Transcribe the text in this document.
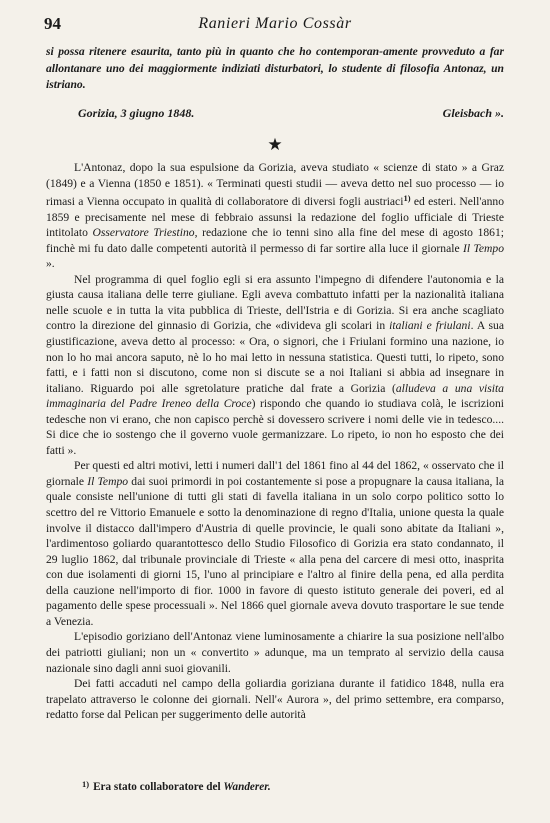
94	Ranieri Mario Cossàr
si possa ritenere esaurita, tanto più in quanto che ho contemporan-amente provveduto a far allontanare uno dei maggiormente indiziati disturbatori, lo studente di filosofia Antonaz, un istriano.
Gorizia, 3 giugno 1848.	Gleisbach ».
★

L'Antonaz, dopo la sua espulsione da Gorizia, aveva studiato « scienze di stato » a Graz (1849) e a Vienna (1850 e 1851). « Terminati questi studii — aveva detto nel suo processo — io rimasi a Vienna occupato in qualità di collaboratore di diversi fogli austriaci$^{1)}$ ed esteri. Nell'anno 1859 e precisamente nel mese di febbraio assunsi la redazione del foglio ufficiale di Trieste intitolato Osservatore Triestino, redazione che io tenni sino alla fine del mese di agosto 1861; finchè mi fu dato dalle competenti autorità il permesso di far sortire alla luce il giornale Il Tempo ».

Nel programma di quel foglio egli si era assunto l'impegno di difendere l'autonomia e la giusta causa italiana delle terre giuliane. Egli aveva combattuto infatti per la nazionalità italiana nelle scuole e in tutta la vita pubblica di Trieste, dell'Istria e di Gorizia. Si era anche scagliato contro la direzione del ginnasio di Gorizia, che «divideva gli scolari in italiani e friulani. A sua giustificazione, aveva detto al processo: « Ora, o signori, che i Friulani formino una nazione, io non lo ho mai ancora saputo, nè lo ho mai letto in nessuna statistica. Questi tutti, lo ripeto, sono fatti, e i fatti non si discutono, come non si discute se a noi Italiani si abbia ad insegnare in italiano. Riguardo poi alle sgretolature pratiche dal frate a Gorizia (alludeva a una visita immaginaria del Padre Ireneo della Croce) rispondo che quando io studiava colà, le iscrizioni tedesche non vi erano, che non capisco perchè si dovessero scrivere i nomi delle vie in tedesco.... Si dice che io sostengo che il governo vuole germanizzare. Lo ripeto, io non ho esposto che dei fatti ».

Per questi ed altri motivi, letti i numeri dall'1 del 1861 fino al 44 del 1862, « osservato che il giornale Il Tempo dai suoi primordi in poi costantemente si pose a propugnare la causa italiana, la quale consiste nell'unione di tutti gli stati di favella italiana in un solo corpo politico sotto lo scettro del re Vittorio Emanuele e sotto la denominazione di regno d'Italia, unione questa la quale involve il distacco dall'impero d'Austria di quelle provincie, le quali sono abitate da Italiani », l'ardimentoso goliardo quarantottesco dello Studio Filosofico di Gorizia era stato condannato, il 29 luglio 1862, dal tribunale provinciale di Trieste « alla pena del carcere di mesi otto, inasprita con due isolamenti di giorni 15, l'uno al principiare e l'altro al finire della pena, ed alla perdita della cauzione nell'importo di fior. 1000 in favore di questo istituto generale dei poveri, ed al pagamento delle spese processuali ». Nel 1866 quel giornale aveva dovuto trasportare le sue tende a Venezia.

L'episodio goriziano dell'Antonaz viene luminosamente a chiarire la sua posizione nell'albo dei patriotti giuliani; non un « convertito » adunque, ma un temprato al servizio della causa nazionale sino dagli anni suoi giovanili.

Dei fatti accaduti nel campo della goliardia goriziana durante il fatidico 1848, nulla era trapelato attraverso le colonne dei giornali. Nell'« Aurora », del primo settembre, era comparso, redatto forse dal Pelican per suggerimento delle autorità

$^{1)}$ Era stato collaboratore del Wanderer.
